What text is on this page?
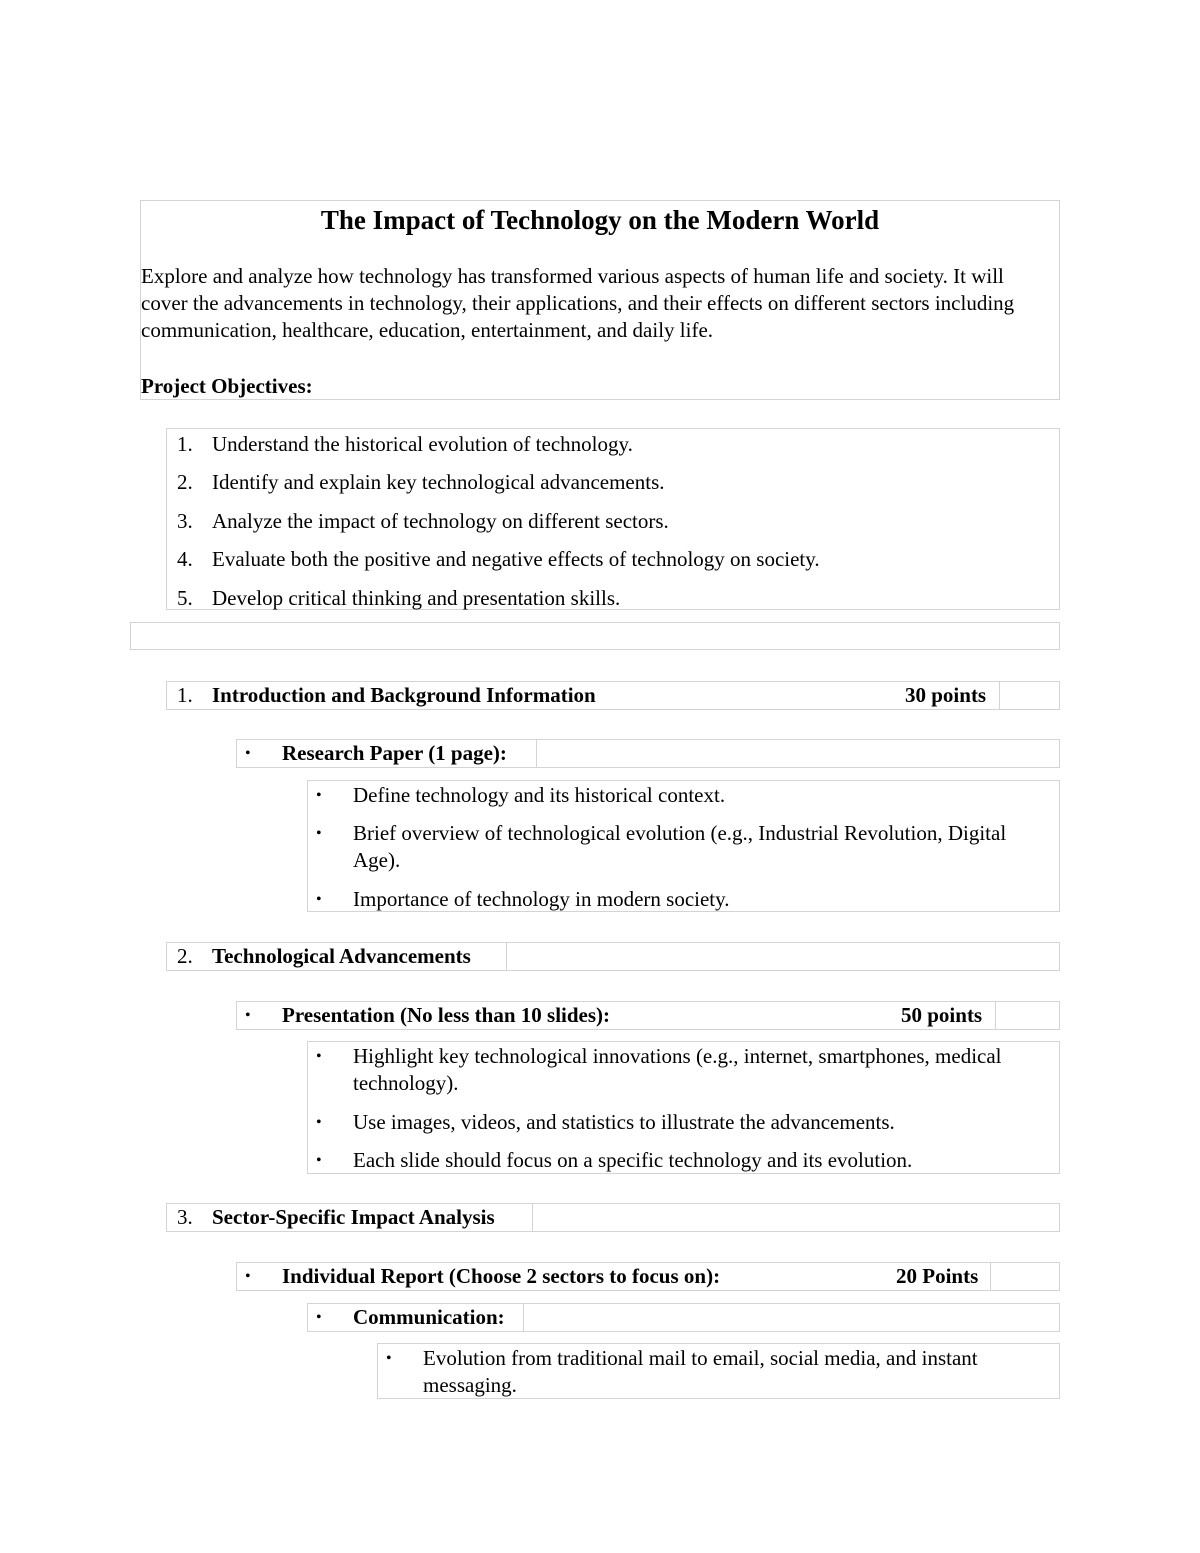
The Impact of Technology on the Modern World
Explore and analyze how technology has transformed various aspects of human life and society. It will cover the advancements in technology, their applications, and their effects on different sectors including communication, healthcare, education, entertainment, and daily life.
Project Objectives:
1. Understand the historical evolution of technology.
2. Identify and explain key technological advancements.
3. Analyze the impact of technology on different sectors.
4. Evaluate both the positive and negative effects of technology on society.
5. Develop critical thinking and presentation skills.
1. Introduction and Background Information	30 points
• Research Paper (1 page):
• Define technology and its historical context.
• Brief overview of technological evolution (e.g., Industrial Revolution, Digital Age).
• Importance of technology in modern society.
2. Technological Advancements
• Presentation (No less than 10 slides):	50 points
• Highlight key technological innovations (e.g., internet, smartphones, medical technology).
• Use images, videos, and statistics to illustrate the advancements.
• Each slide should focus on a specific technology and its evolution.
3. Sector-Specific Impact Analysis
• Individual Report (Choose 2 sectors to focus on):	20 Points
• Communication:
• Evolution from traditional mail to email, social media, and instant messaging.
